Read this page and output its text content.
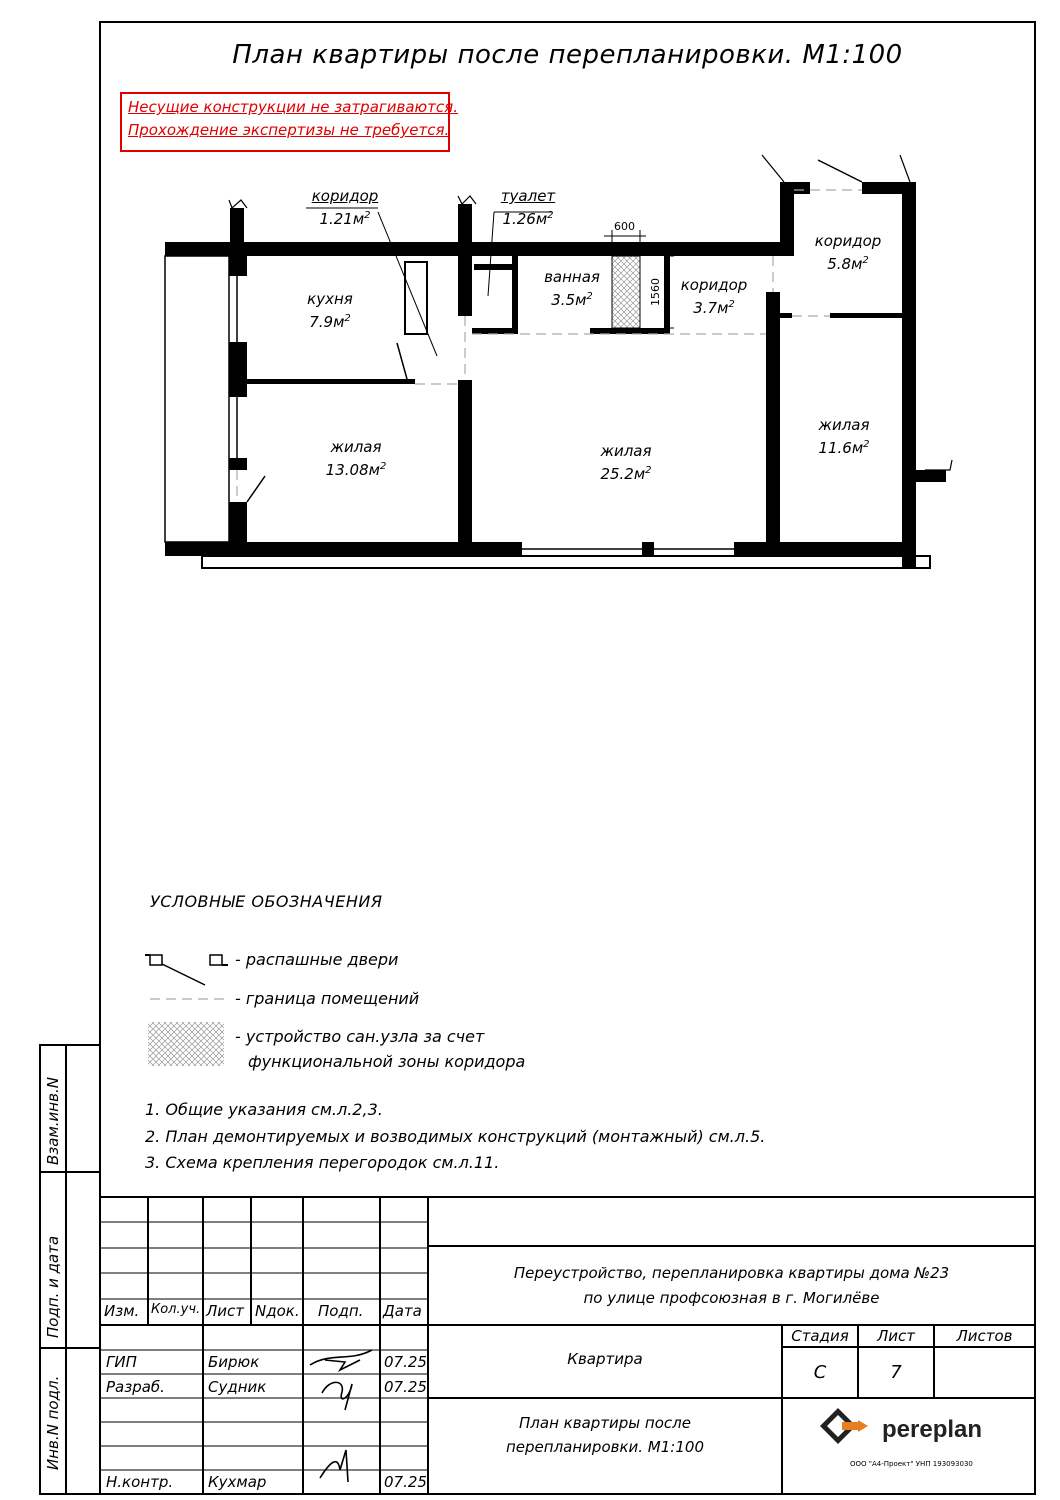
План квартиры после перепланировки. М1:100
Несущие конструкции не затрагиваются.
Прохождение экспертизы не требуется.
коридор
$1.21м^2$
туалет
$1.26м^2$
кухня
$7.9м^2$
ванная
$3.5м^2$
коридор
$3.7м^2$
коридор
$5.8м^2$
жилая
$13.08м^2$
жилая
$25.2м^2$
жилая
$11.6м^2$
600
1560
УСЛОВНЫЕ ОБОЗНАЧЕНИЯ
- распашные двери
- граница помещений
- устройство сан.узла за счет
функциональной зоны коридора
1. Общие указания см.л.2,3.
2. План демонтируемых и возводимых конструкций (монтажный) см.л.5.
3. Схема крепления перегородок см.л.11.
Взам.инв.N
Подп. и дата
Инв.N подл.
Изм. Кол.уч. Лист Nдок. Подп. Дата
ГИП	Бирюк	07.25
Разраб.	Судник	07.25
Н.контр. Кухмар	07.25
Переустройство, перепланировка квартиры дома №23
по улице профсоюзная в г. Могилёве
Квартира
План квартиры после
перепланировки. М1:100
Стадия	Лист	Листов
С	7
pereplan
ООО "А4-Проект" УНП 193093030
